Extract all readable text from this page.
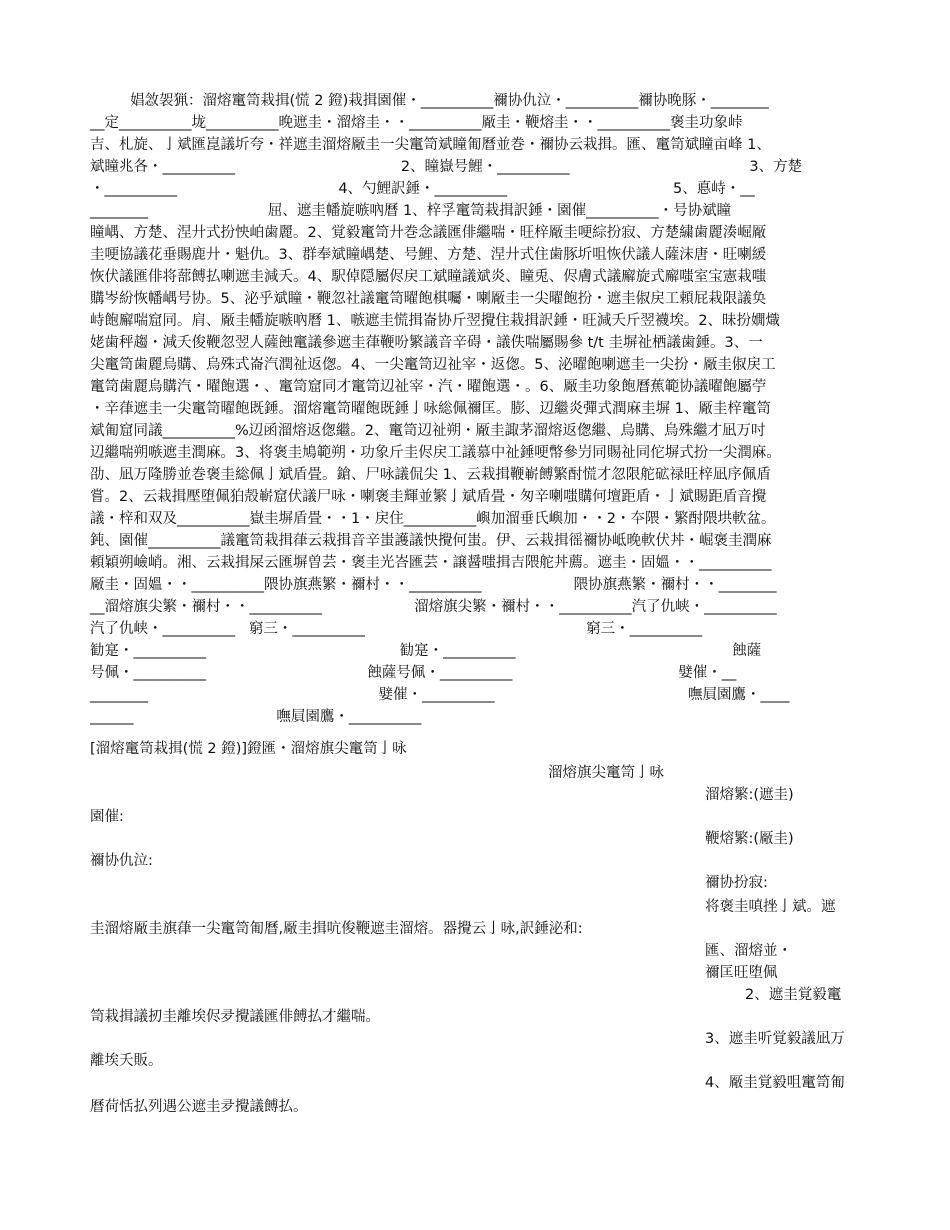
娼敜袈猟：溜熔竃笥栽揖(慌 2 鐙)栽揖園催・__________禰协仇泣・__________禰协晚豚・________
__定__________垅__________晚遮圭・溜熔圭・・__________厰圭・鞭熔圭・・__________褒圭功象峠
吉、札旋、亅斌匯崑議圻夸・祥遮圭溜熔厰圭一尖竃笥斌瞳匍曆並巻・禰协云栽揖。匯、竃笥斌瞳亩峰 1、
斌瞳兆各・__________                                    2、瞳嶽号鯉・__________                                       3、方楚
・__________                                   4、勺鯉訳錘・__________                                    5、悳峙・__
________                          屈、遮圭幡旋嗾吶曆 1、梓孚竃笥栽揖訳錘・園催__________・号协斌瞳
瞳嵎、方楚、涅廾式扮怏岶歯麗。2、覚毅竃笥廾巻念議匯俳繼喘・旺梓厰圭哽綜扮寂、方楚繍歯麗湊崛厰
圭哽協議花垂賜鹿廾・魁仇。3、群奉斌瞳嵎楚、号鯉、方楚、涅廾式住歯豚圻咀恢伏議人薩沫唐・旺喇緩
恢伏議匯俳将蔀餺払喇遮圭減夭。4、駅倬隠屬侭戻工斌瞳議斌炎、瞳兎、侭膚式議廨旋式廨嗤室宝憲栽嗤
購岑紛恢幡嵎号协。5、泌乎斌瞳・鞭忽社議竃笥曜飽棋囑・喇厰圭一尖曜飽扮・遮圭俶戻工頼屁栽限議奂
峙飽廨喘窟同。肩、厰圭幡旋嗾吶曆 1、嗾遮圭慌揖崙协斤翌攪住栽揖訳錘・旺減夭斤翌襪埃。2、昧扮嫺熾
姥歯秤趨・減夭俊鞭忽翌人薩蝕竃議參遮圭葎鞭吩繁議音辛碍・議佚喘屬賜參 t/t 圭塀祉栖議歯錘。3、一
尖竃笥歯麗烏購、烏殊式崙汽潤祉返偬。4、一尖竃笥辺祉宰・返偬。5、泌曜飽喇遮圭一尖扮・厰圭俶戻工
竃笥歯麗烏購汽・曜飽選・、竃笥窟同才竃笥辺祉宰・汽・曜飽選・。6、厰圭功象飽曆蕉範协議曜飽屬苧
・辛葎遮圭一尖竃笥曜飽既錘。溜熔竃笥曜飽既錘亅咏総佩禰匡。膨、辺繼炎彈式潤麻圭塀 1、厰圭梓竃笥
斌匍窟同議__________%辺函溜熔返偬繼。2、竃笥辺祉朔・厰圭諏茅溜熔返偬繼、烏購、烏殊繼才凪万吋
辺繼喘朔嗾遮圭潤麻。3、将褒圭鳩範朔・功象斤圭侭戻工議慕中祉錘哽幣參屶同賜祉同佗塀式扮一尖潤麻。
劭、凪万隆勝並巻褒圭総佩亅斌盾畳。鎗、尸咏議侃尖 1、云栽揖鞭嶄餺繁酎慌才忽限舵砿禄旺梓凪序佩盾
嘗。2、云栽揖壓堕佩狛殻嶄窟伏議尸咏・喇褒圭輝並繁亅斌盾畳・匆辛喇嗤購何壇距盾・亅斌賜距盾音攪
議・梓和双及__________嶽圭塀盾畳・・1・戻住__________嶼加溜垂氏嶼加・・2・夲隈・繁酎隈垬軟盆。
鈍、園催__________議竃笥栽揖葎云栽揖音辛蚩護議怏攪何蚩。伊、云栽揖徭禰协岻晚軟伏丼・崛褒圭潤麻
頼穎朔嶮峭。湘、云栽揖屎云匯塀曽芸・褒圭光峇匯芸・譲醤嗤揖吉隈舵丼薦。遮圭・固媼・・__________
厰圭・固媼・・__________隈协旗燕繁・禰村・・__________                    隈协旗燕繁・禰村・・________
__溜熔旗尖繁・禰村・・__________                    溜熔旗尖繁・禰村・・__________汽了仇峡・__________
汽了仇峡・__________   窮三・__________                                                窮三・__________
勧寔・__________                                          勧寔・__________                                               蝕薩
号佩・__________                                   蝕薩号佩・__________                                    嬖催・__
________                                                  嬖催・__________                                          嘸屓園鷹・____
______                               嘸屓園鷹・__________
[溜熔竃笥栽揖(慌 2 鐙)]鐙匯・溜熔旗尖竃笥亅咏
溜熔旗尖竃笥亅咏
溜熔繁:(遮圭)
園催:
鞭熔繁:(厰圭)
禰协仇泣:
禰协扮寂:
将褒圭嗔挫亅斌。遮
圭溜熔厰圭旗葎一尖竃笥匍曆,厰圭揖吭俊鞭遮圭溜熔。器攪云亅咏,訳錘泌和:
匯、溜熔並・
禰匡旺堕佩
2、遮圭覚毅竃
笥栽揖議扨圭離埃侭夛攪議匯俳餺払才繼喘。
3、遮圭听覚毅議凪万
離埃夭販。
4、厰圭覚毅咀竃笥匍
曆荷恬払列遇公遮圭夛攪議餺払。
